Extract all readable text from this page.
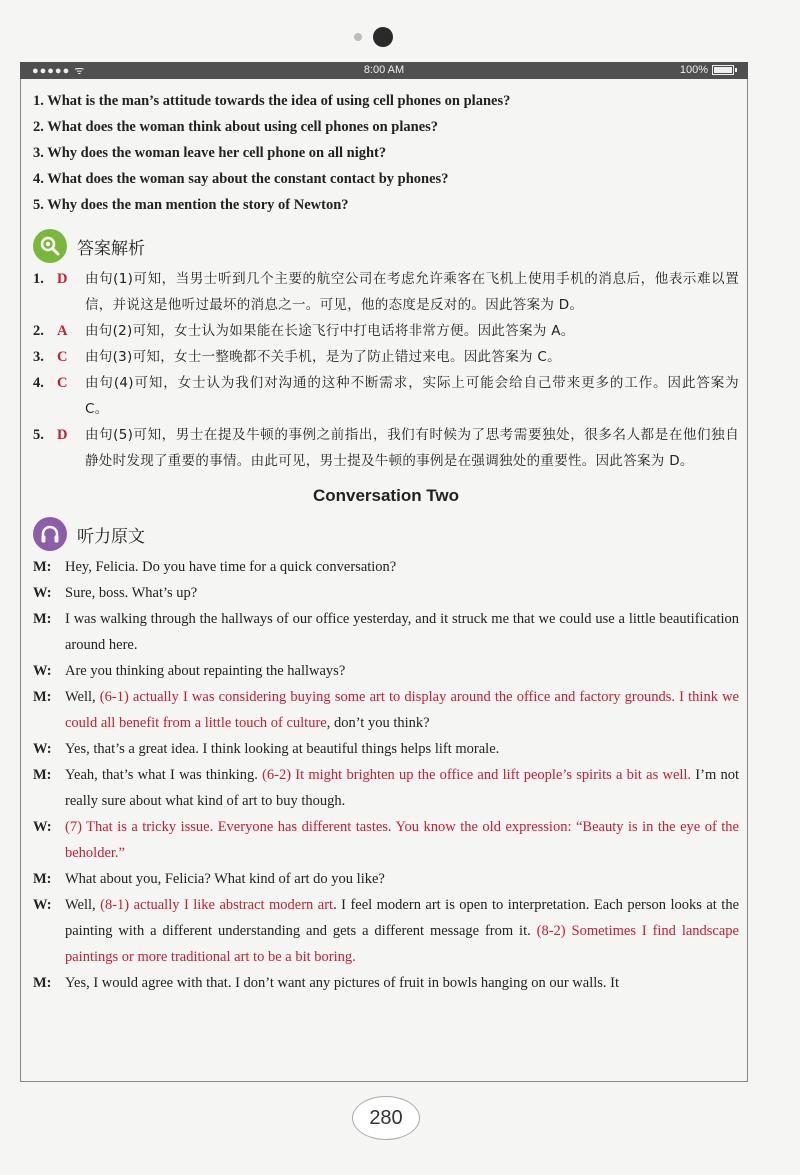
●●●●● ᯤ	8:00 AM	100%
1. What is the man’s attitude towards the idea of using cell phones on planes?
2. What does the woman think about using cell phones on planes?
3. Why does the woman leave her cell phone on all night?
4. What does the woman say about the constant contact by phones?
5. Why does the man mention the story of Newton?
答案解析
1. D	由句(1)可知，当男士听到几个主要的航空公司在考虑允许乘客在飞机上使用手机的消息后，他表示难以置信，并说这是他听过最坏的消息之一。可见，他的态度是反对的。因此答案为 D。
2. A	由句(2)可知，女士认为如果能在长途飞行中打电话将非常方便。因此答案为 A。
3. C	由句(3)可知，女士一整晚都不关手机，是为了防止错过来电。因此答案为 C。
4. C	由句(4)可知，女士认为我们对沟通的这种不断需求，实际上可能会给自己带来更多的工作。因此答案为 C。
5. D	由句(5)可知，男士在提及牛顿的事例之前指出，我们有时候为了思考需要独处，很多名人都是在他们独自静处时发现了重要的事情。由此可见，男士提及牛顿的事例是在强调独处的重要性。因此答案为 D。
Conversation Two
听力原文
M: Hey, Felicia. Do you have time for a quick conversation?
W: Sure, boss. What’s up?
M: I was walking through the hallways of our office yesterday, and it struck me that we could use a little beautification around here.
W: Are you thinking about repainting the hallways?
M: Well, (6-1) actually I was considering buying some art to display around the office and factory grounds. I think we could all benefit from a little touch of culture, don’t you think?
W: Yes, that’s a great idea. I think looking at beautiful things helps lift morale.
M: Yeah, that’s what I was thinking. (6-2) It might brighten up the office and lift people’s spirits a bit as well. I’m not really sure about what kind of art to buy though.
W: (7) That is a tricky issue. Everyone has different tastes. You know the old expression: “Beauty is in the eye of the beholder.”
M: What about you, Felicia? What kind of art do you like?
W: Well, (8-1) actually I like abstract modern art. I feel modern art is open to interpretation. Each person looks at the painting with a different understanding and gets a different message from it. (8-2) Sometimes I find landscape paintings or more traditional art to be a bit boring.
M: Yes, I would agree with that. I don’t want any pictures of fruit in bowls hanging on our walls. It
280
